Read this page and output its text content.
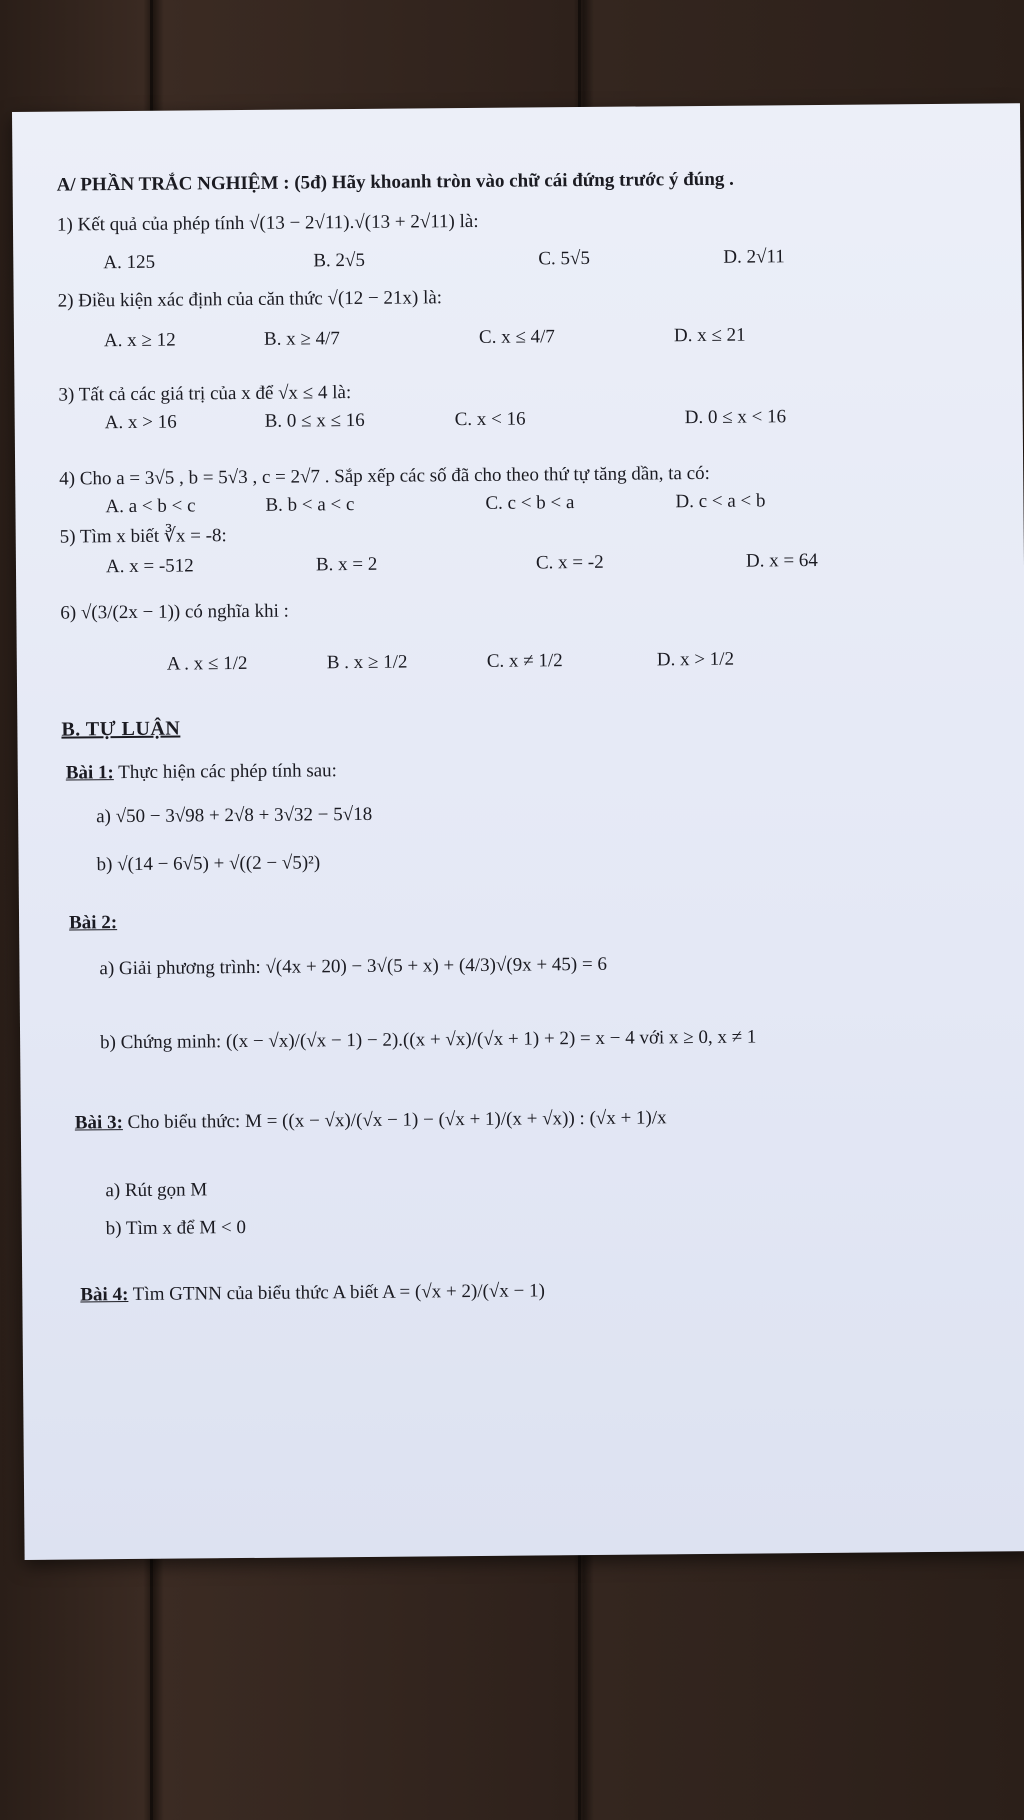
A/ PHẦN TRẮC NGHIỆM : (5đ) Hãy khoanh tròn vào chữ cái đứng trước ý đúng .
1) Kết quả của phép tính √(13 − 2√11).√(13 + 2√11) là:
A. 125	B. 2√5	C. 5√5	D. 2√11
2) Điều kiện xác định của căn thức √(12 − 21x) là:
A. x ≥ 12	B. x ≥ 4/7	C. x ≤ 4/7	D. x ≤ 21
3) Tất cả các giá trị của x để √x ≤ 4 là:
A. x > 16	B. 0 ≤ x ≤ 16	C. x < 16	D. 0 ≤ x < 16
4) Cho a = 3√5 , b = 5√3 , c = 2√7 . Sắp xếp các số đã cho theo thứ tự tăng dần, ta có:
A. a < b < c	B. b < a < c	C. c < b < a	D. c < a < b
5) Tìm x biết ∛x = -8:
A. x = -512	B. x = 2	C. x = -2	D. x = 64
6) √(3/(2x − 1)) có nghĩa khi :
A . x ≤ 1/2	B . x ≥ 1/2	C. x ≠ 1/2	D. x > 1/2
B. TỰ LUẬN
Bài 1: Thực hiện các phép tính sau:
a) √50 − 3√98 + 2√8 + 3√32 − 5√18
b) √(14 − 6√5) + √((2 − √5)²)
Bài 2:
a) Giải phương trình: √(4x + 20) − 3√(5 + x) + (4/3)√(9x + 45) = 6
b) Chứng minh: ((x − √x)/(√x − 1) − 2).((x + √x)/(√x + 1) + 2) = x − 4 với x ≥ 0, x ≠ 1
Bài 3: Cho biểu thức: M = ((x − √x)/(√x − 1) − (√x + 1)/(x + √x)) : (√x + 1)/x
a) Rút gọn M
b) Tìm x để M < 0
Bài 4: Tìm GTNN của biểu thức A biết A = (√x + 2)/(√x − 1)
